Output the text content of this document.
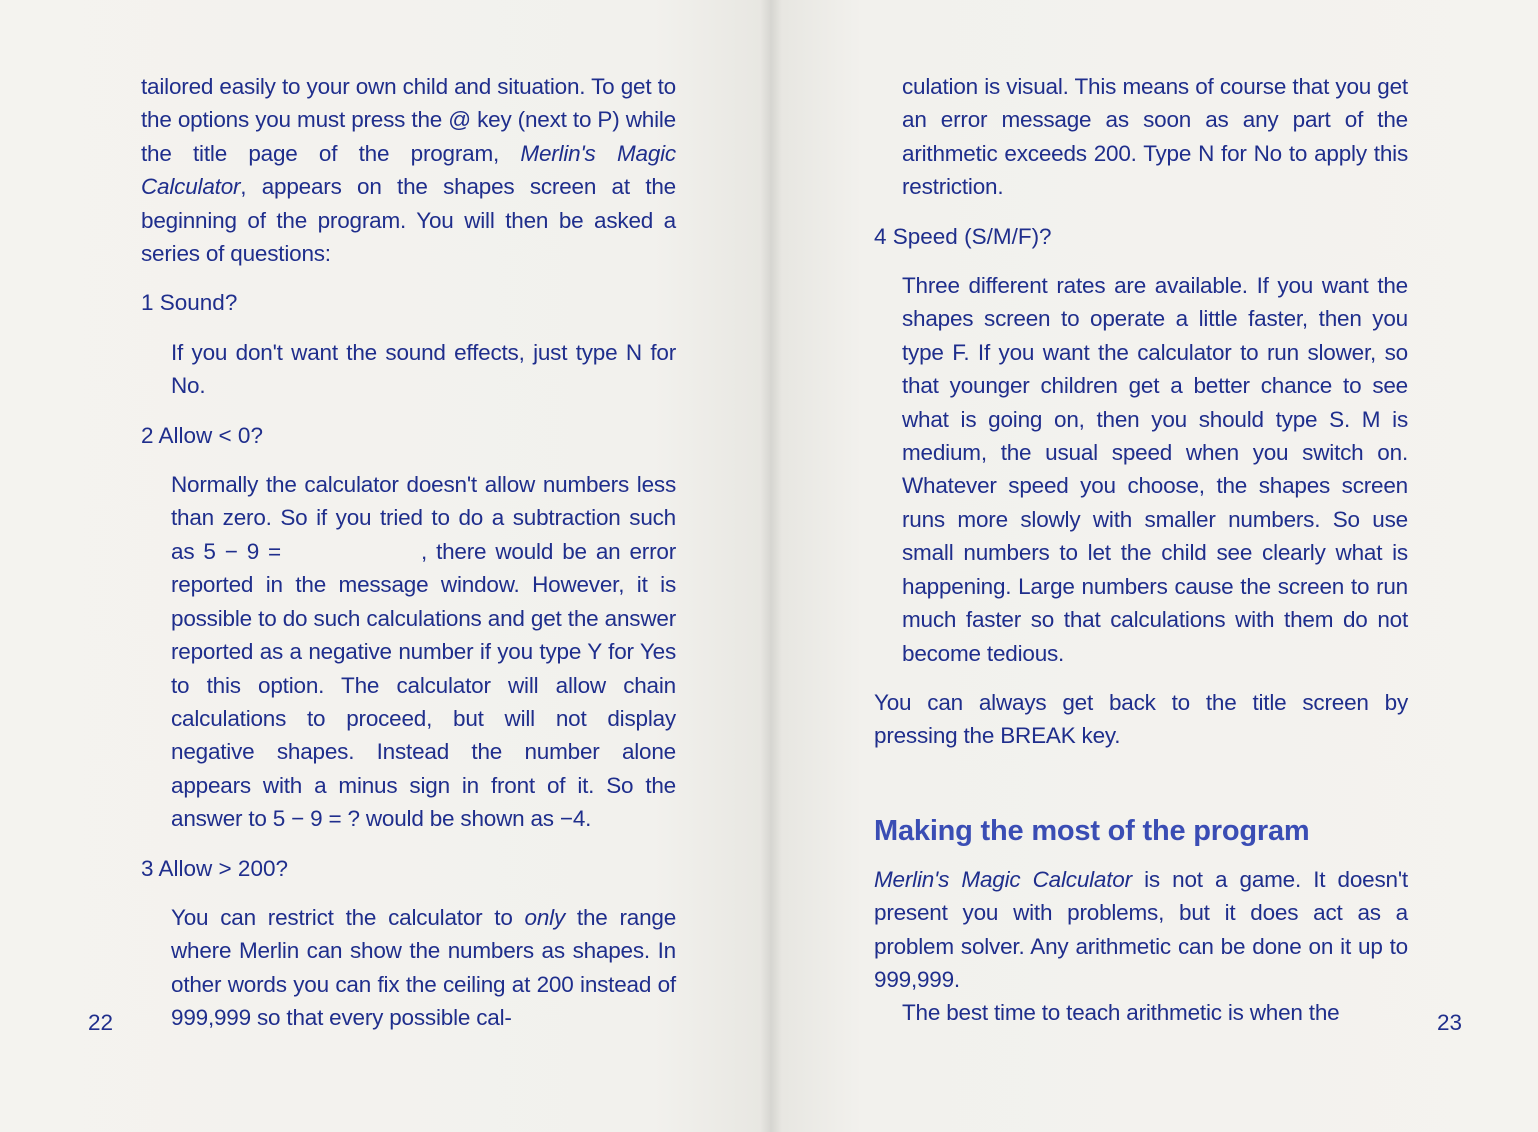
tailored easily to your own child and situation. To get to the options you must press the @ key (next to P) while the title page of the program, Merlin's Magic Calculator, appears on the shapes screen at the beginning of the program. You will then be asked a series of questions:

1 Sound?

If you don't want the sound effects, just type N for No.

2 Allow < 0?

Normally the calculator doesn't allow numbers less than zero. So if you tried to do a subtraction such as 5 − 9 =	, there would be an error reported in the message window. However, it is possible to do such calculations and get the answer reported as a negative number if you type Y for Yes to this option. The calculator will allow chain calculations to proceed, but will not display negative shapes. Instead the number alone appears with a minus sign in front of it. So the answer to 5 − 9 = ? would be shown as −4.

3 Allow > 200?

You can restrict the calculator to only the range where Merlin can show the numbers as shapes. In other words you can fix the ceiling at 200 instead of 999,999 so that every possible cal-

22

culation is visual. This means of course that you get an error message as soon as any part of the arithmetic exceeds 200. Type N for No to apply this restriction.

4 Speed (S/M/F)?

Three different rates are available. If you want the shapes screen to operate a little faster, then you type F. If you want the calculator to run slower, so that younger children get a better chance to see what is going on, then you should type S. M is medium, the usual speed when you switch on. Whatever speed you choose, the shapes screen runs more slowly with smaller numbers. So use small numbers to let the child see clearly what is happening. Large numbers cause the screen to run much faster so that calculations with them do not become tedious.

You can always get back to the title screen by pressing the BREAK key.

Making the most of the program

Merlin's Magic Calculator is not a game. It doesn't present you with problems, but it does act as a problem solver. Any arithmetic can be done on it up to 999,999.

The best time to teach arithmetic is when the	23
